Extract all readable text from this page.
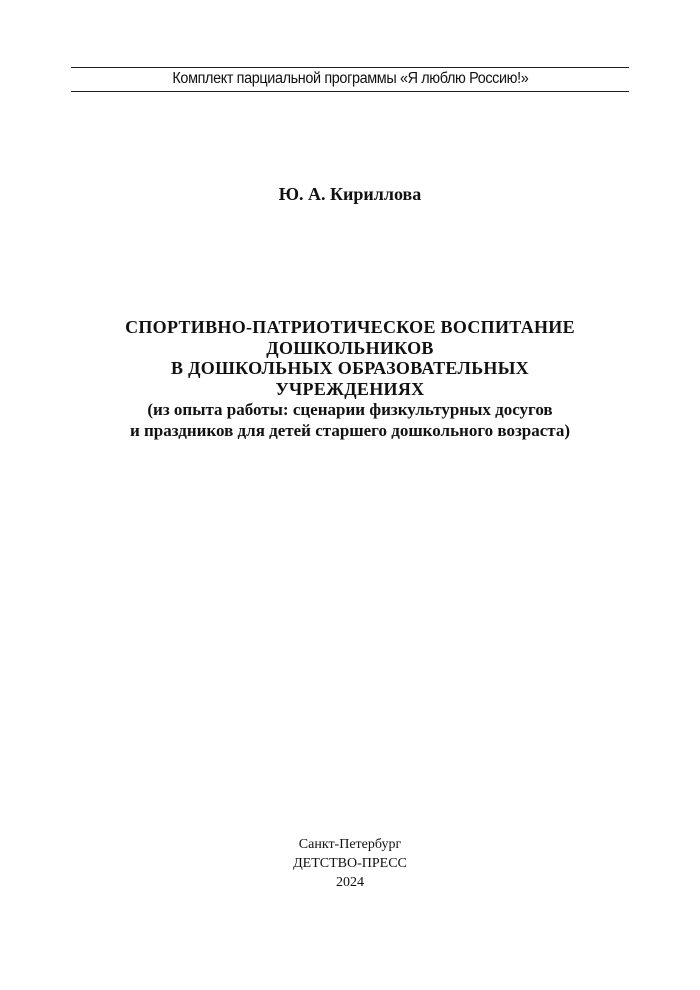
Комплект парциальной программы «Я люблю Россию!»
Ю. А. Кириллова
СПОРТИВНО-ПАТРИОТИЧЕСКОЕ ВОСПИТАНИЕ
ДОШКОЛЬНИКОВ
В ДОШКОЛЬНЫХ ОБРАЗОВАТЕЛЬНЫХ
УЧРЕЖДЕНИЯХ
(из опыта работы: сценарии физкультурных досугов
и праздников для детей старшего дошкольного возраста)
Санкт-Петербург
ДЕТСТВО-ПРЕСС
2024
